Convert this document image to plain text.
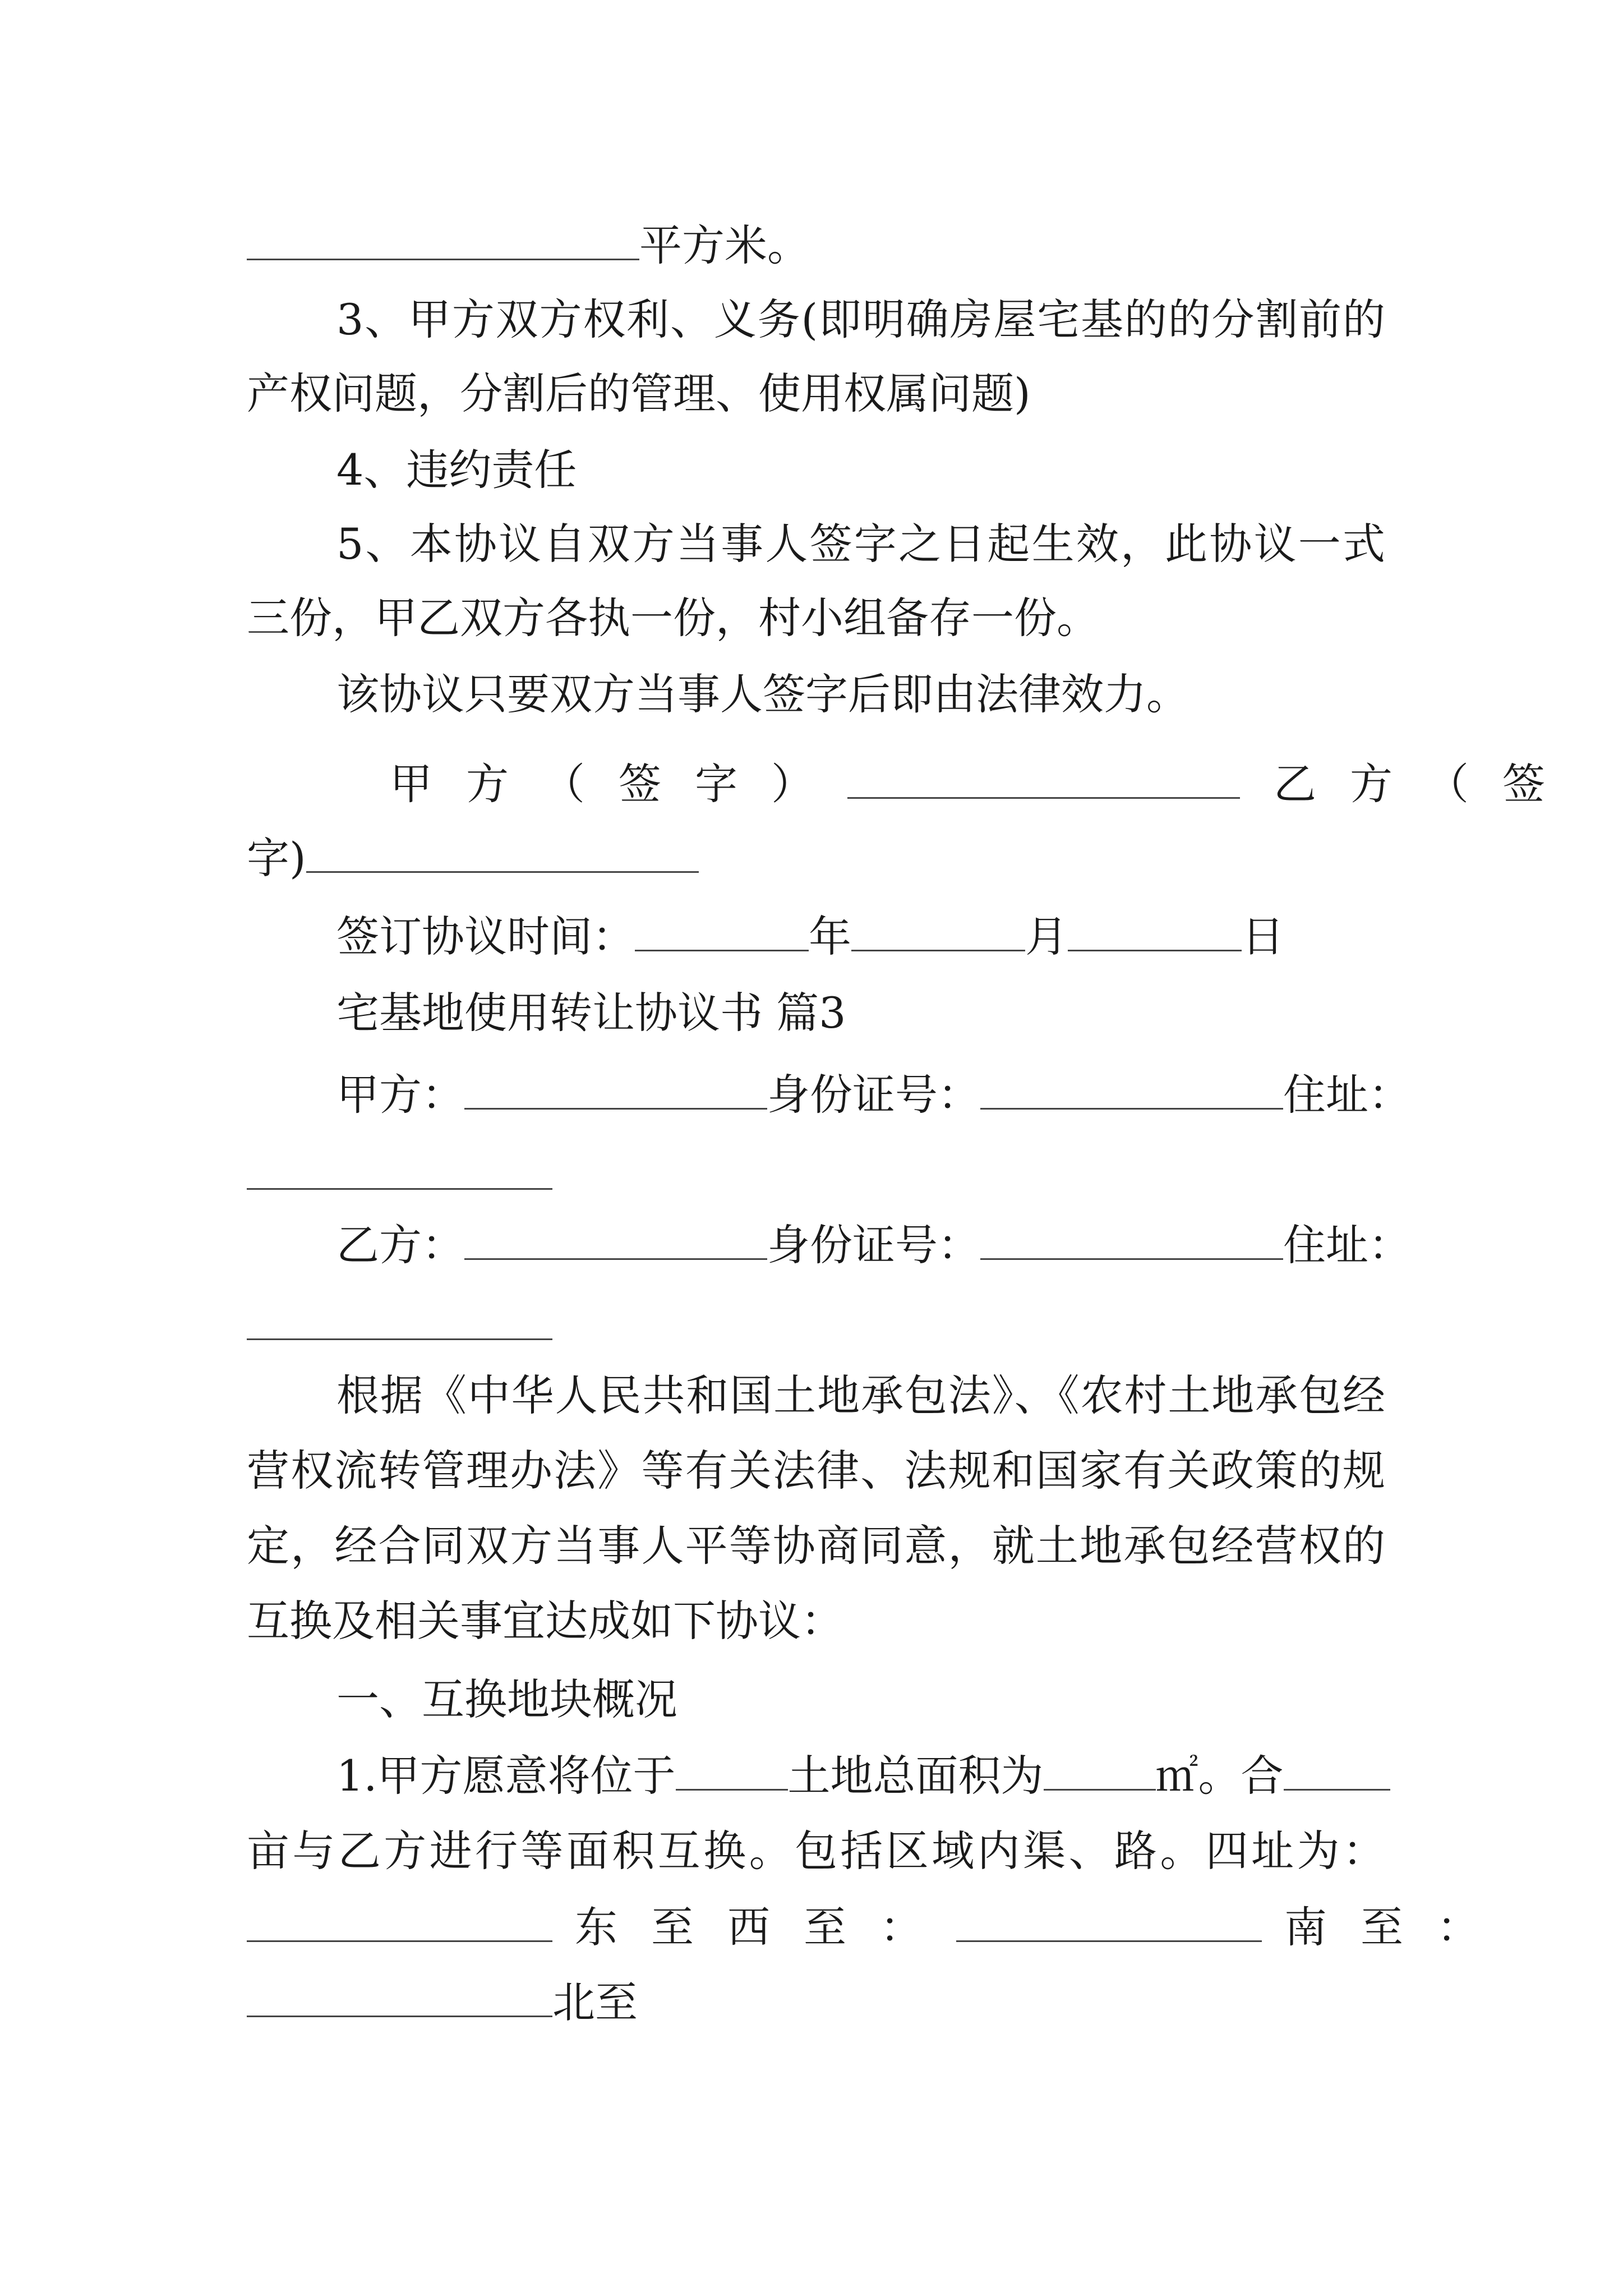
平方米。
3、甲方双方权利、义务(即明确房屋宅基的的分割前的
产权问题，分割后的管理、使用权属问题)
4、违约责任
5、本协议自双方当事人签字之日起生效，此协议一式
三份，甲乙双方各执一份，村小组备存一份。
该协议只要双方当事人签字后即由法律效力。
甲方（签字）	乙方（签
字)
签订协议时间：	年	月	日
宅基地使用转让协议书 篇3
甲方：	身份证号：	住址：
乙方：	身份证号：	住址：
根据《中华人民共和国土地承包法》、《农村土地承包经
营权流转管理办法》等有关法律、法规和国家有关政策的规
定，经合同双方当事人平等协商同意，就土地承包经营权的
互换及相关事宜达成如下协议：
一、互换地块概况
1.甲方愿意将位于	土地总面积为	㎡。合
亩与乙方进行等面积互换。包括区域内渠、路。四址为：
东至西至：	南至：
北至
